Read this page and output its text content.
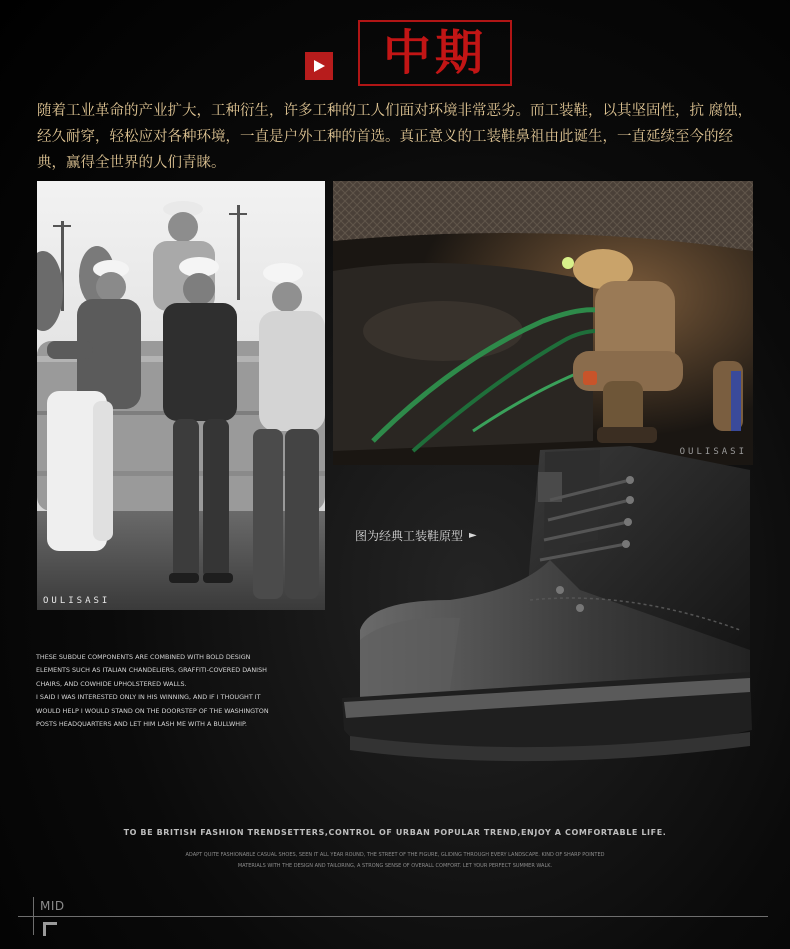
中期

随着工业革命的产业扩大，工种衍生，许多工种的工人们面对环境非常恶劣。而工装鞋，以其坚固性，抗 腐蚀，经久耐穿，轻松应对各种环境，一直是户外工种的首选。真正意义的工装鞋鼻祖由此诞生，一直延续至今的经典，赢得全世界的人们青睐。

OULISASI
OULISASI
图为经典工装鞋原型 ►
THESE SUBDUE COMPONENTS ARE COMBINED WITH BOLD DESIGN
ELEMENTS SUCH AS ITALIAN CHANDELIERS, GRAFFITI-COVERED DANISH
CHAIRS, AND COWHIDE UPHOLSTERED WALLS.
I SAID I WAS INTERESTED ONLY IN HIS WINNING, AND IF I THOUGHT IT
WOULD HELP I WOULD STAND ON THE DOORSTEP OF THE WASHINGTON
POSTS HEADQUARTERS AND LET HIM LASH ME WITH A BULLWHIP.
TO BE BRITISH FASHION TRENDSETTERS,CONTROL OF URBAN POPULAR TREND,ENJOY A COMFORTABLE LIFE.
ADAPT QUITE FASHIONABLE CASUAL SHOES, SEEN IT ALL YEAR ROUND, THE STREET OF THE FIGURE, GLIDING THROUGH EVERY LANDSCAPE. KIND OF SHARP POINTED
MATERIALS WITH THE DESIGN AND TAILORING, A STRONG SENSE OF OVERALL COMFORT. LET YOUR PERFECT SUMMER WALK.
MID
